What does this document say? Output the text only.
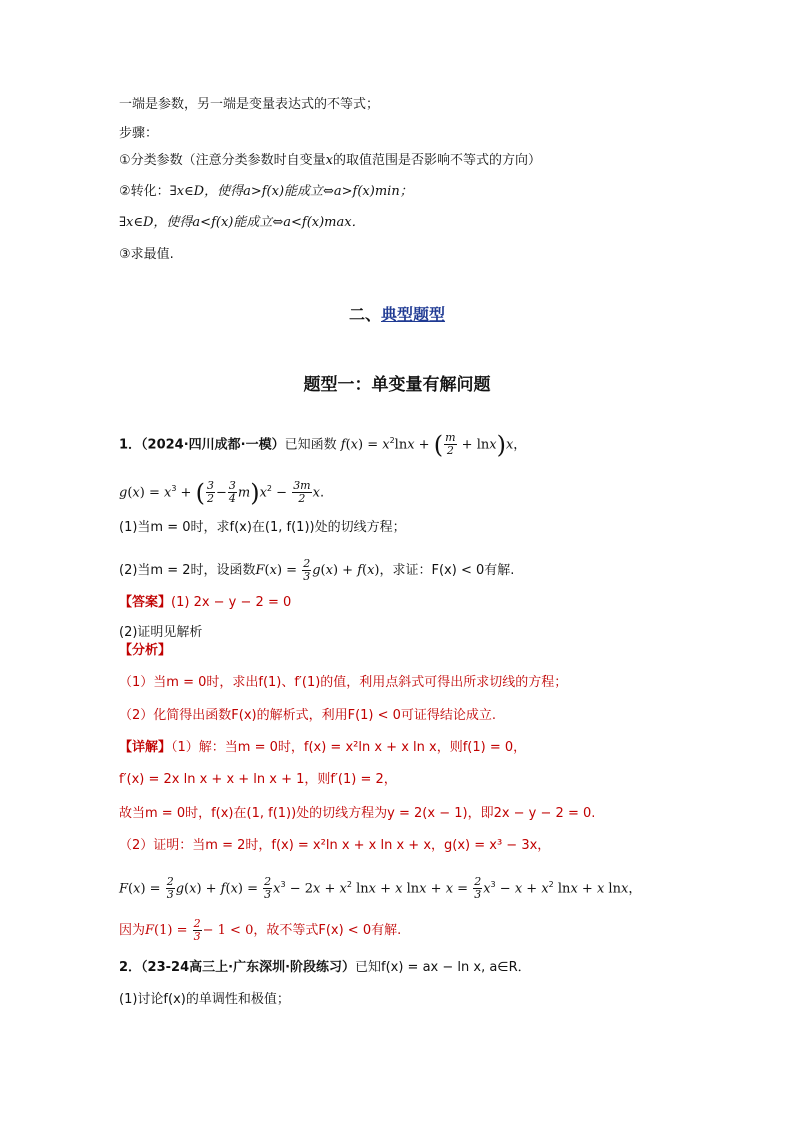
一端是参数，另一端是变量表达式的不等式；
步骤：
①分类参数（注意分类参数时自变量x的取值范围是否影响不等式的方向）
②转化：∃x∈D，使得a>f(x)能成立⇔a>f(x)min；
∃x∈D，使得a<f(x)能成立⇔a<f(x)max．
③求最值.
二、典型题型
题型一：单变量有解问题
1．（2024·四川成都·一模）已知函数 $f(x) = x^2\ln x$ + ( $\frac{m}{2} + \ln x)x$，
$g(x) = x^3$ + ( $\frac{3}{2} - \frac{3}{4} m)x^2 - \frac{3m}{2} x$.
(1)当m = 0时，求f(x)在(1, f(1))处的切线方程；
(2)当m = 2时，设函数$F(x) = \frac{2}{3} g(x) + f(x)$，求证：F(x) < 0有解.
【答案】(1) 2x − y − 2 = 0
(2)证明见解析
【分析】
（1）当m = 0时，求出f(1)、f′(1)的值，利用点斜式可得出所求切线的方程；
（2）化简得出函数F(x)的解析式，利用F(1) < 0可证得结论成立.
【详解】（1）解：当m = 0时，f(x) = x²ln x + x ln x，则f(1) = 0，
f′(x) = 2x ln x + x + ln x + 1，则f′(1) = 2，
故当m = 0时，f(x)在(1, f(1))处的切线方程为y = 2(x − 1)，即2x − y − 2 = 0.
（2）证明：当m = 2时，f(x) = x²ln x + x ln x + x，g(x) = x³ − 3x，
$F(x) = \frac{2}{3} g(x) + f(x) = \frac{2}{3} x^3 - 2x + x^2$ lnx + x $\ln x + x = \frac{2}{3} x^3 - x + x^2$ lnx + x lnx，
因为$F(1) = \frac{2}{3} - 1 < 0$，故不等式F(x) < 0有解.
2．（23-24高三上·广东深圳·阶段练习）已知f(x) = ax − ln x, a∈R．
(1)讨论f(x)的单调性和极值；
